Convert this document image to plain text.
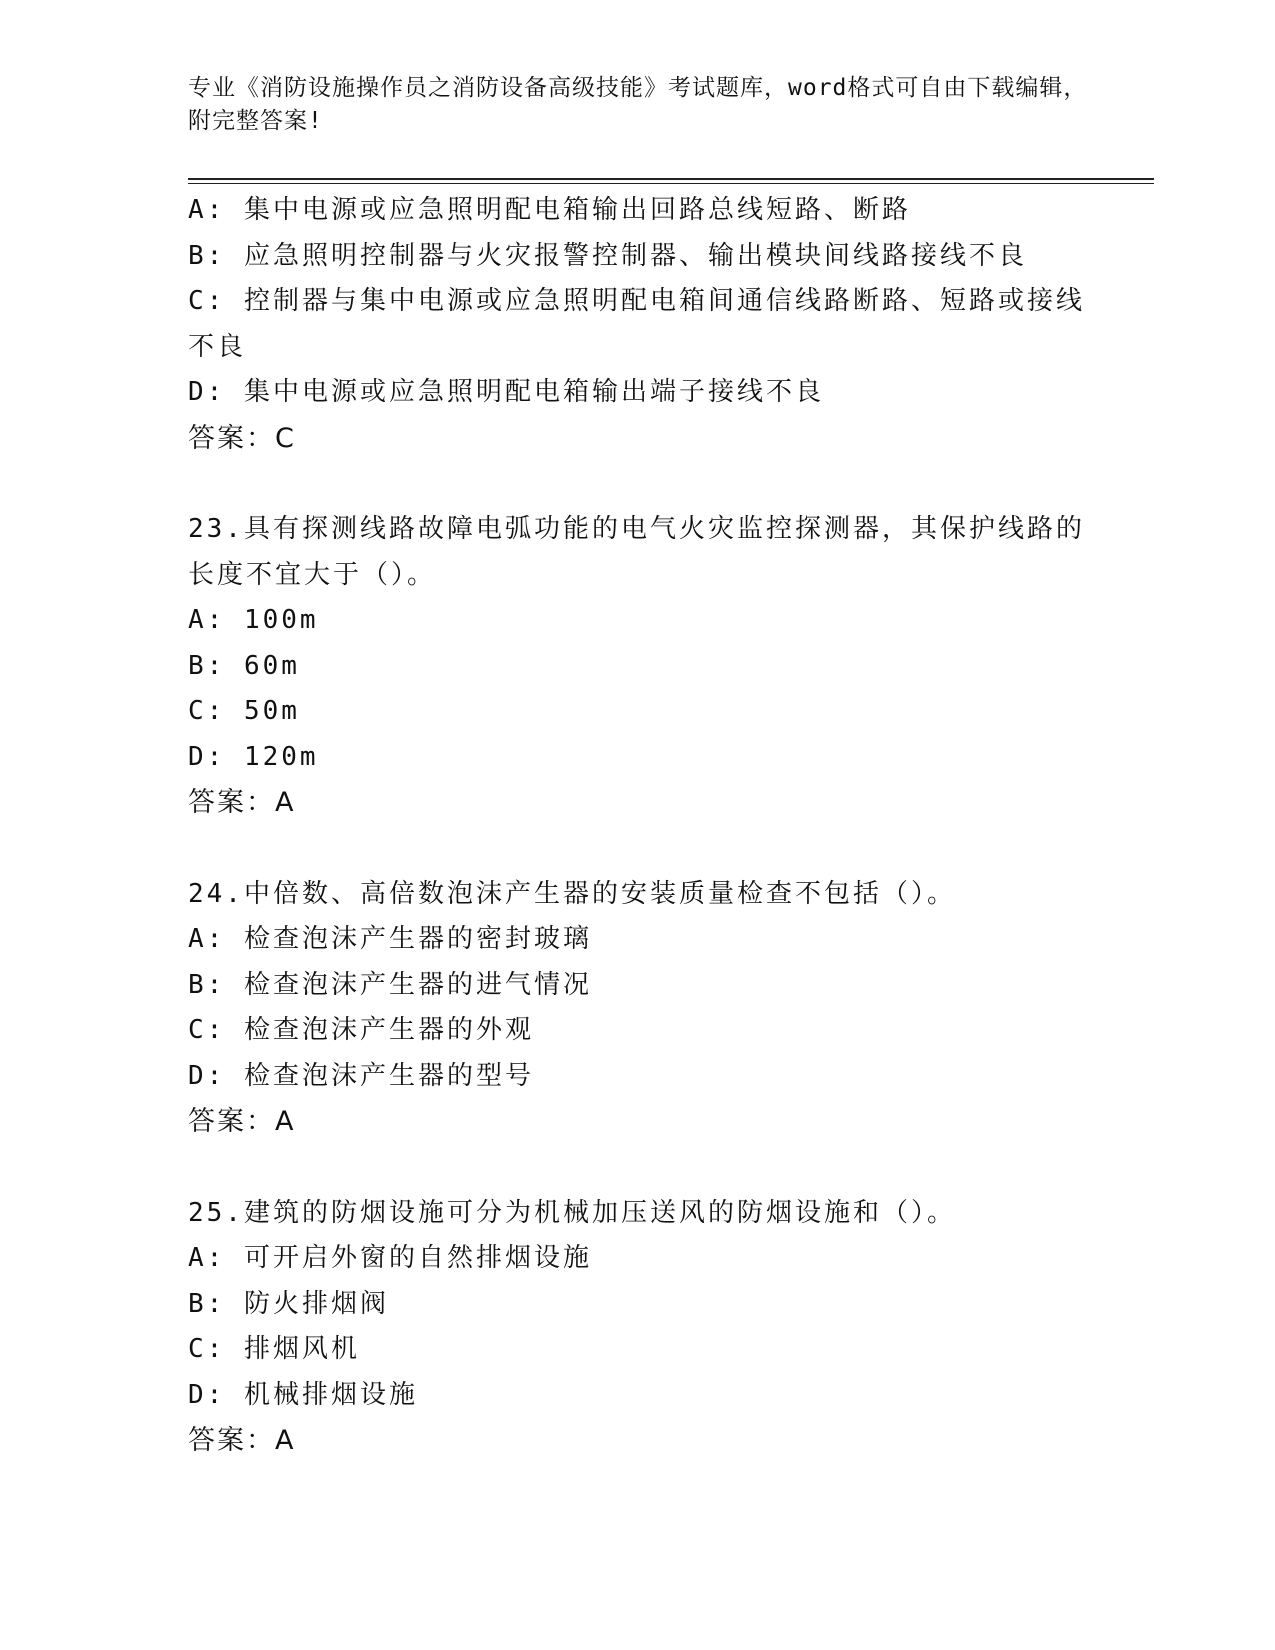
专业《消防设施操作员之消防设备高级技能》考试题库，word格式可自由下载编辑，附完整答案!
A: 集中电源或应急照明配电箱输出回路总线短路、断路
B: 应急照明控制器与火灾报警控制器、输出模块间线路接线不良
C: 控制器与集中电源或应急照明配电箱间通信线路断路、短路或接线不良
D: 集中电源或应急照明配电箱输出端子接线不良
答案：C
23.具有探测线路故障电弧功能的电气火灾监控探测器，其保护线路的长度不宜大于（）。
A: 100m
B: 60m
C: 50m
D: 120m
答案：A
24.中倍数、高倍数泡沫产生器的安装质量检查不包括（）。
A: 检查泡沫产生器的密封玻璃
B: 检查泡沫产生器的进气情况
C: 检查泡沫产生器的外观
D: 检查泡沫产生器的型号
答案：A
25.建筑的防烟设施可分为机械加压送风的防烟设施和（）。
A: 可开启外窗的自然排烟设施
B: 防火排烟阀
C: 排烟风机
D: 机械排烟设施
答案：A
